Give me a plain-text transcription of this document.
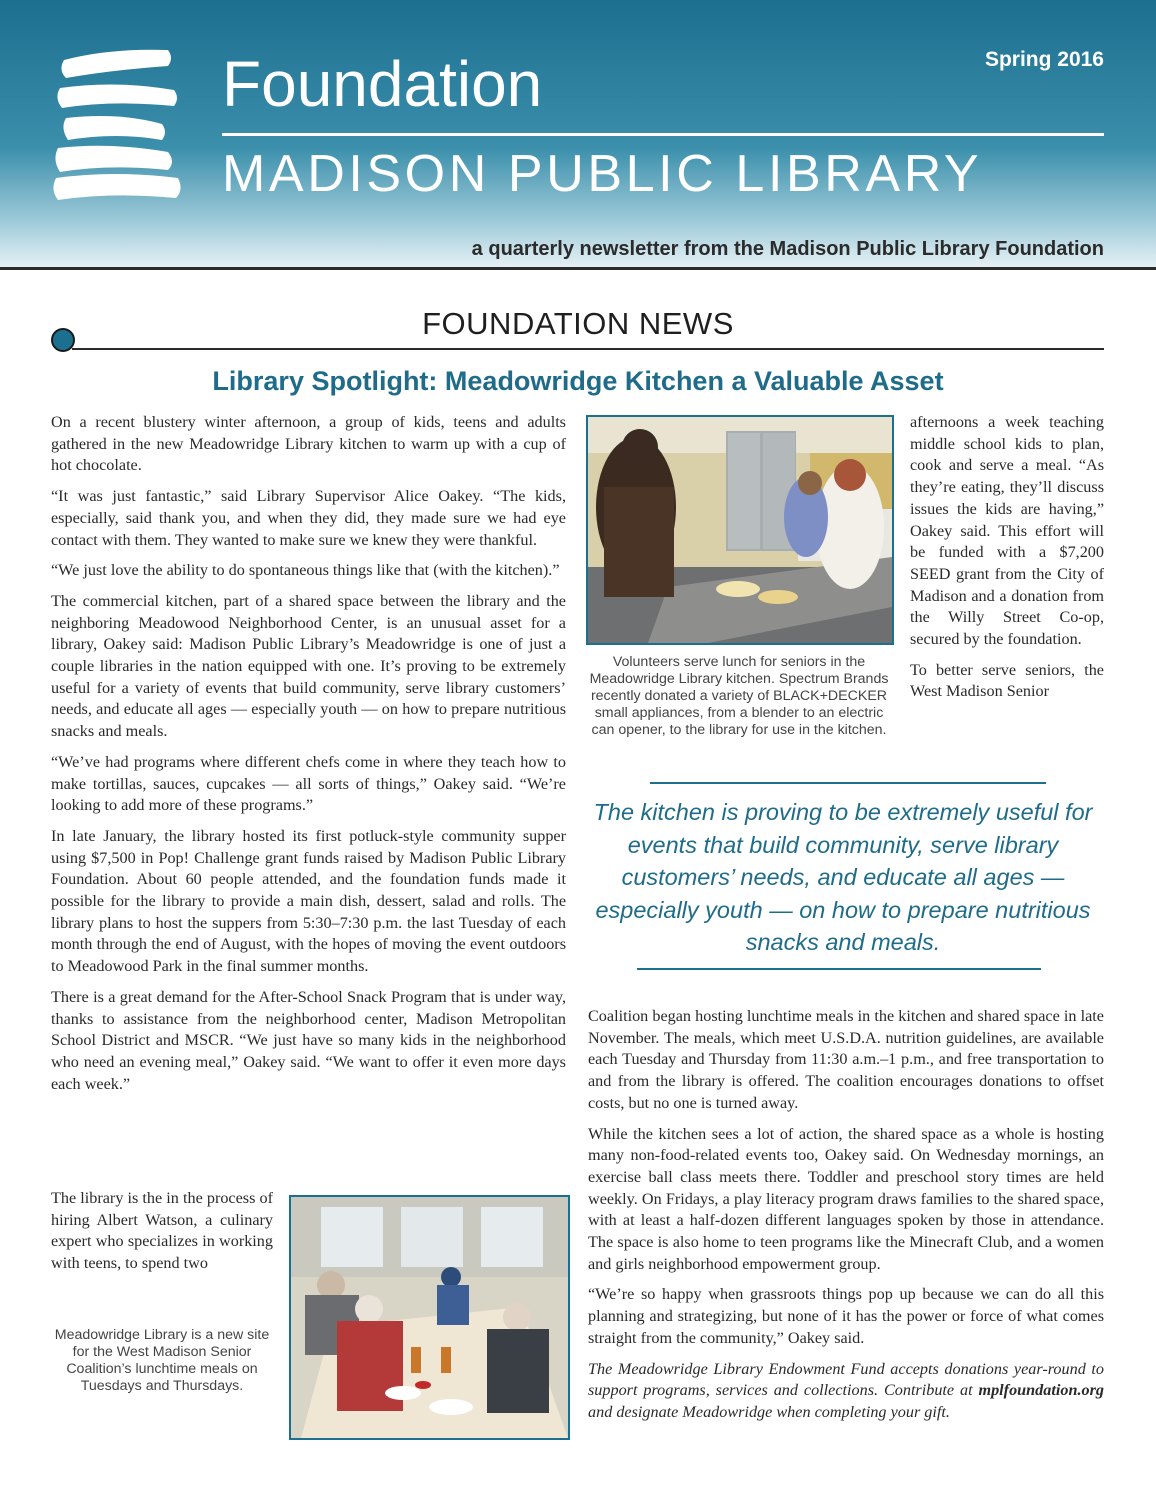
Foundation	Spring 2016
MADISON PUBLIC LIBRARY
a quarterly newsletter from the Madison Public Library Foundation
FOUNDATION NEWS
Library Spotlight: Meadowridge Kitchen a Valuable Asset

On a recent blustery winter afternoon, a group of kids, teens and adults gathered in the new Meadowridge Library kitchen to warm up with a cup of hot chocolate.

“It was just fantastic,” said Library Supervisor Alice Oakey. “The kids, especially, said thank you, and when they did, they made sure we had eye contact with them. They wanted to make sure we knew they were thankful.

“We just love the ability to do spontaneous things like that (with the kitchen).”

The commercial kitchen, part of a shared space between the library and the neighboring Meadowood Neighborhood Center, is an unusual asset for a library, Oakey said: Madison Public Library’s Meadowridge is one of just a couple libraries in the nation equipped with one. It’s proving to be extremely useful for a variety of events that build community, serve library customers’ needs, and educate all ages — especially youth — on how to prepare nutritious snacks and meals.

“We’ve had programs where different chefs come in where they teach how to make tortillas, sauces, cupcakes — all sorts of things,” Oakey said. “We’re looking to add more of these programs.”

In late January, the library hosted its first potluck-style community supper using $7,500 in Pop! Challenge grant funds raised by Madison Public Library Foundation. About 60 people attended, and the foundation funds made it possible for the library to provide a main dish, dessert, salad and rolls. The library plans to host the suppers from 5:30–7:30 p.m. the last Tuesday of each month through the end of August, with the hopes of moving the event outdoors to Meadowood Park in the final summer months.

There is a great demand for the After-School Snack Program that is under way, thanks to assistance from the neighborhood center, Madison Metropolitan School District and MSCR. “We just have so many kids in the neighborhood who need an evening meal,” Oakey said. “We want to offer it even more days each week.”

The library is the in the process of hiring Albert Watson, a culinary expert who specializes in working with teens, to spend two

Volunteers serve lunch for seniors in the Meadowridge Library kitchen. Spectrum Brands recently donated a variety of BLACK+DECKER small appliances, from a blender to an electric can opener, to the library for use in the kitchen.

afternoons a week teaching middle school kids to plan, cook and serve a meal. “As they’re eating, they’ll discuss issues the kids are having,” Oakey said. This effort will be funded with a $7,200 SEED grant from the City of Madison and a donation from the Willy Street Co-op, secured by the foundation.

To better serve seniors, the West Madison Senior

The kitchen is proving to be extremely useful for events that build community, serve library customers’ needs, and educate all ages — especially youth — on how to prepare nutritious snacks and meals.

Coalition began hosting lunchtime meals in the kitchen and shared space in late November. The meals, which meet U.S.D.A. nutrition guidelines, are available each Tuesday and Thursday from 11:30 a.m.–1 p.m., and free transportation to and from the library is offered. The coalition encourages donations to offset costs, but no one is turned away.

While the kitchen sees a lot of action, the shared space as a whole is hosting many non-food-related events too, Oakey said. On Wednesday mornings, an exercise ball class meets there. Toddler and preschool story times are held weekly. On Fridays, a play literacy program draws families to the shared space, with at least a half-dozen different languages spoken by those in attendance. The space is also home to teen programs like the Minecraft Club, and a women and girls neighborhood empowerment group.

“We’re so happy when grassroots things pop up because we can do all this planning and strategizing, but none of it has the power or force of what comes straight from the community,” Oakey said.

The Meadowridge Library Endowment Fund accepts donations year-round to support programs, services and collections. Contribute at mplfoundation.org and designate Meadowridge when completing your gift.

Meadowridge Library is a new site for the West Madison Senior Coalition’s lunchtime meals on Tuesdays and Thursdays.
